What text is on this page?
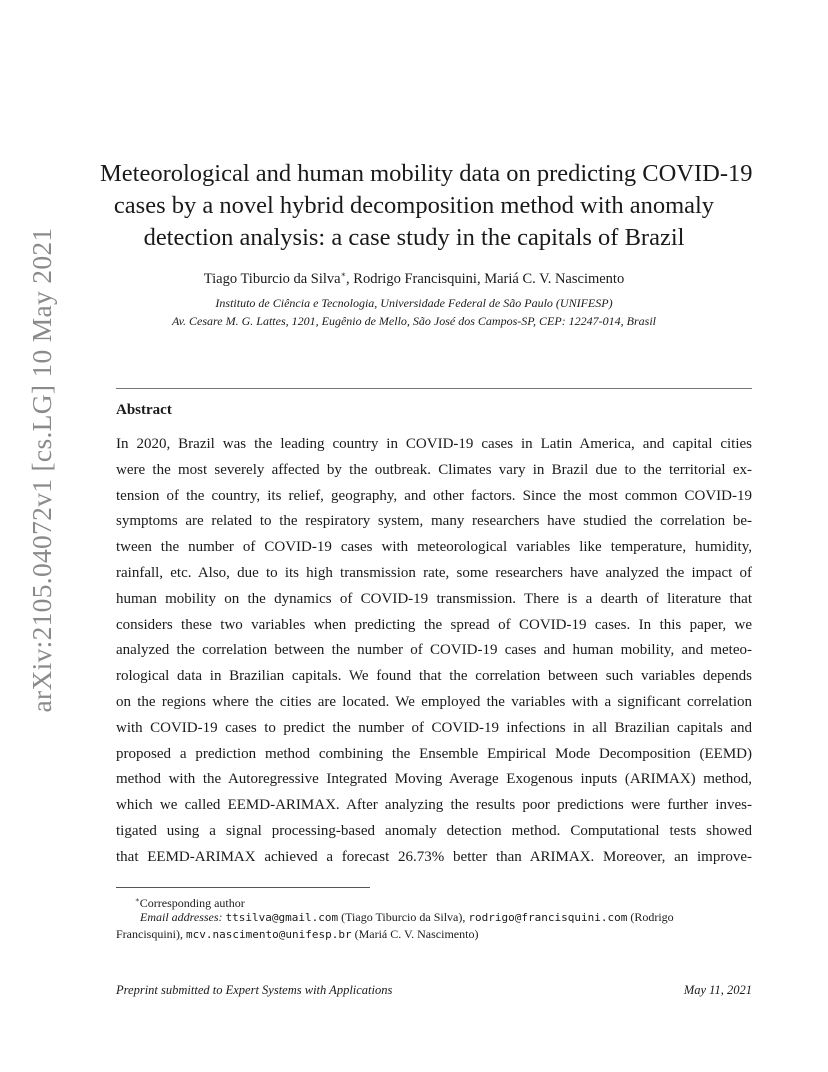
arXiv:2105.04072v1 [cs.LG] 10 May 2021
Meteorological and human mobility data on predicting COVID-19
cases by a novel hybrid decomposition method with anomaly
detection analysis: a case study in the capitals of Brazil
Tiago Tiburcio da Silva∗, Rodrigo Francisquini, Mariá C. V. Nascimento
Instituto de Ciência e Tecnologia, Universidade Federal de São Paulo (UNIFESP)
Av. Cesare M. G. Lattes, 1201, Eugênio de Mello, São José dos Campos-SP, CEP: 12247-014, Brasil
Abstract
In 2020, Brazil was the leading country in COVID-19 cases in Latin America, and capital cities
were the most severely affected by the outbreak. Climates vary in Brazil due to the territorial ex-
tension of the country, its relief, geography, and other factors. Since the most common COVID-19
symptoms are related to the respiratory system, many researchers have studied the correlation be-
tween the number of COVID-19 cases with meteorological variables like temperature, humidity,
rainfall, etc. Also, due to its high transmission rate, some researchers have analyzed the impact of
human mobility on the dynamics of COVID-19 transmission. There is a dearth of literature that
considers these two variables when predicting the spread of COVID-19 cases. In this paper, we
analyzed the correlation between the number of COVID-19 cases and human mobility, and meteo-
rological data in Brazilian capitals. We found that the correlation between such variables depends
on the regions where the cities are located. We employed the variables with a significant correlation
with COVID-19 cases to predict the number of COVID-19 infections in all Brazilian capitals and
proposed a prediction method combining the Ensemble Empirical Mode Decomposition (EEMD)
method with the Autoregressive Integrated Moving Average Exogenous inputs (ARIMAX) method,
which we called EEMD-ARIMAX. After analyzing the results poor predictions were further inves-
tigated using a signal processing-based anomaly detection method. Computational tests showed
that EEMD-ARIMAX achieved a forecast 26.73% better than ARIMAX. Moreover, an improve-
∗Corresponding author
Email addresses: ttsilva@gmail.com (Tiago Tiburcio da Silva), rodrigo@francisquini.com (Rodrigo
Francisquini), mcv.nascimento@unifesp.br (Mariá C. V. Nascimento)
Preprint submitted to Expert Systems with Applications	May 11, 2021
